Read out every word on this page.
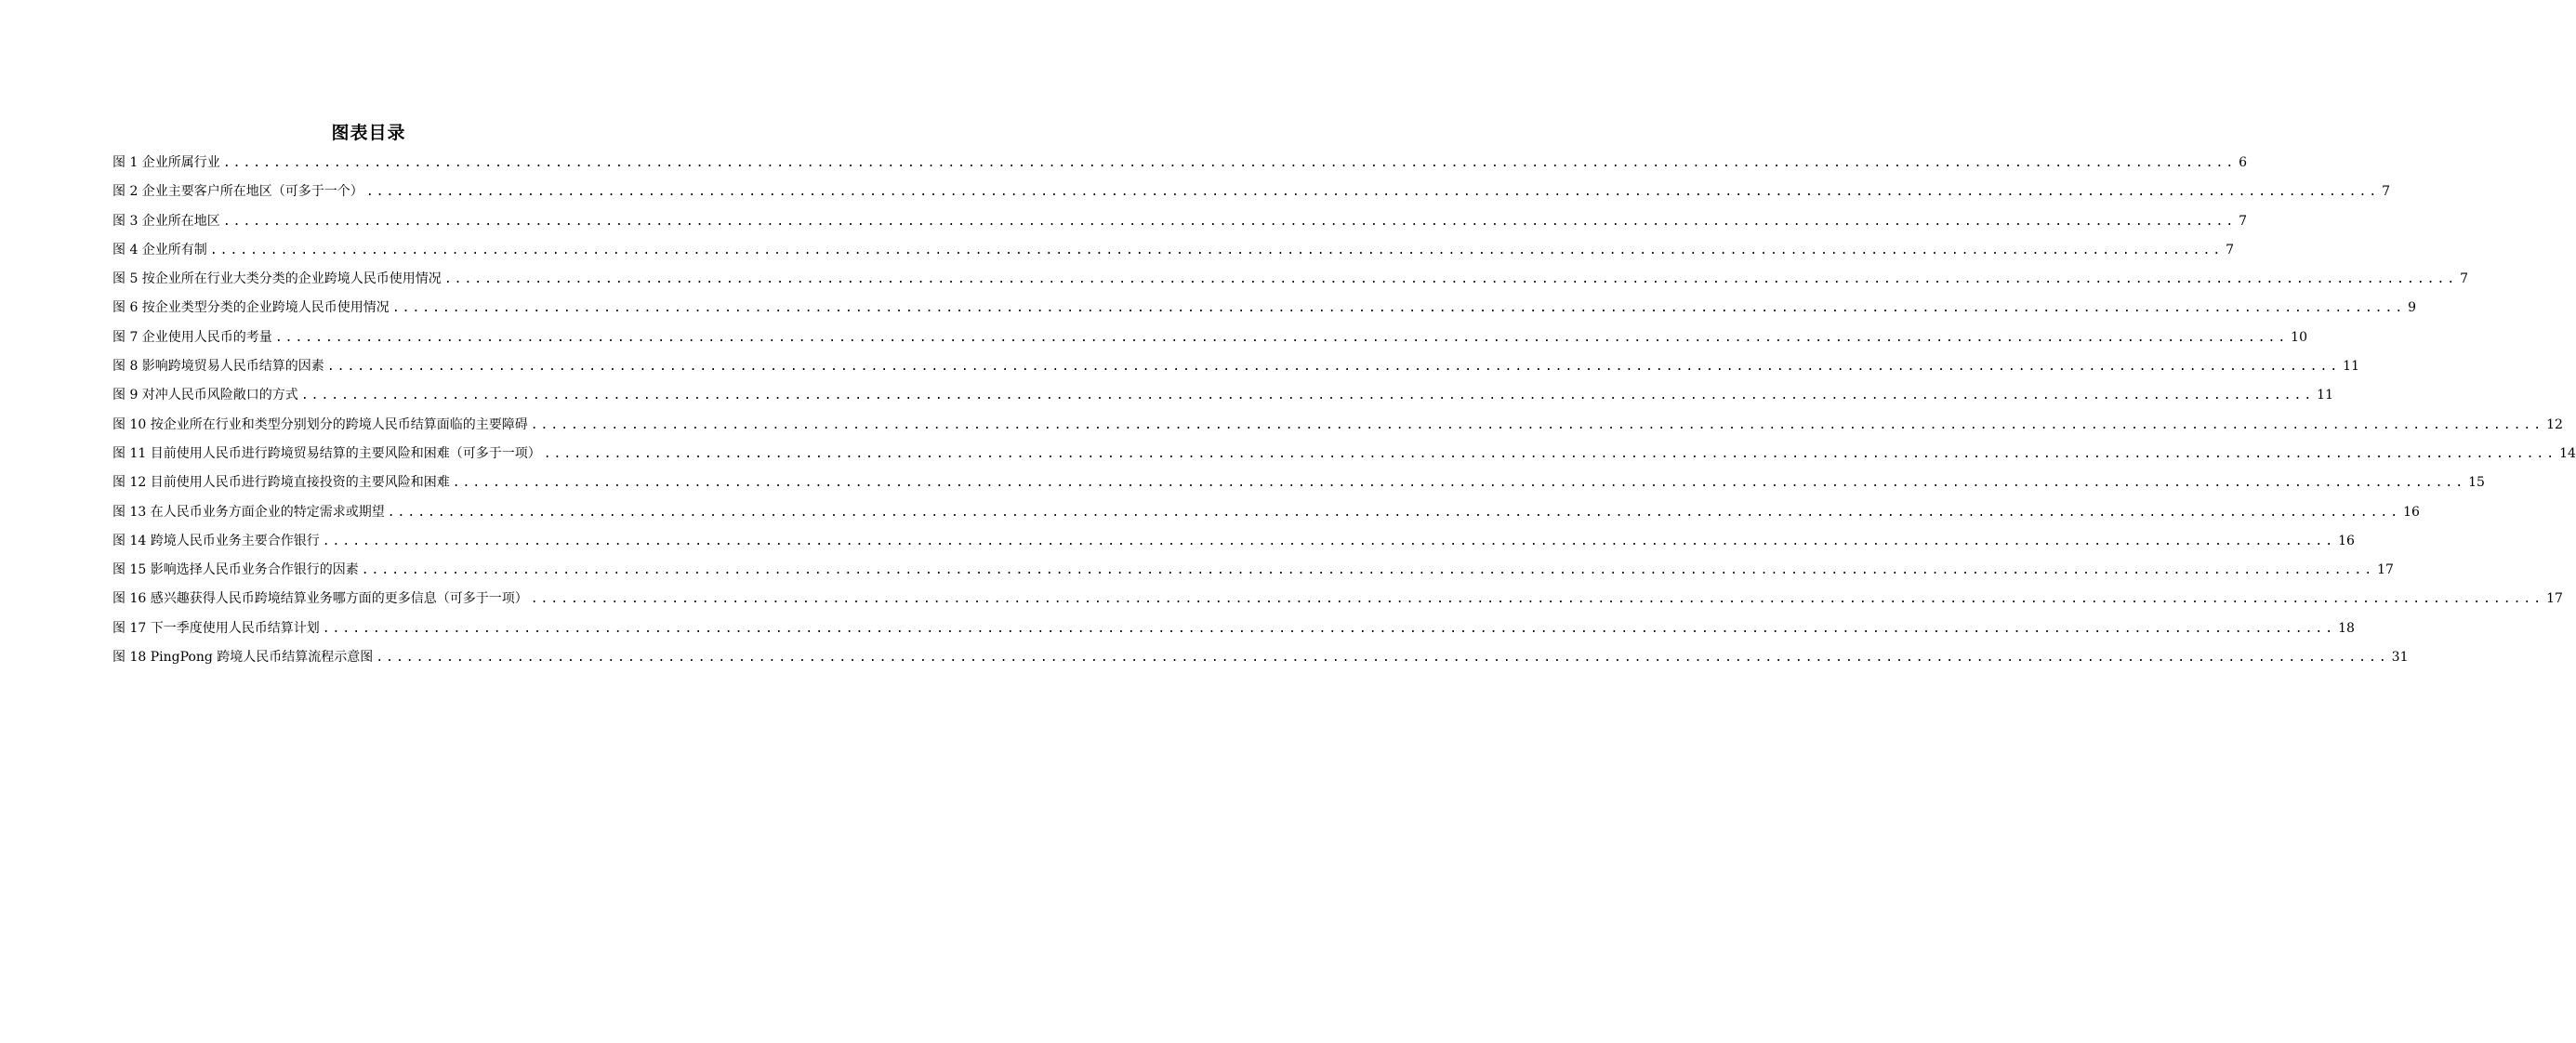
图表目录
图 1 企业所属行业 ........................................................................................................................................................................................................ 6
图 2 企业主要客户所在地区（可多于一个） ........................................................................................................................................................................................................ 7
图 3 企业所在地区 ........................................................................................................................................................................................................ 7
图 4 企业所有制 ........................................................................................................................................................................................................ 7
图 5 按企业所在行业大类分类的企业跨境人民币使用情况 ........................................................................................................................................................................................................ 7
图 6 按企业类型分类的企业跨境人民币使用情况 ........................................................................................................................................................................................................ 9
图 7 企业使用人民币的考量 ........................................................................................................................................................................................................ 10
图 8 影响跨境贸易人民币结算的因素 ........................................................................................................................................................................................................ 11
图 9 对冲人民币风险敞口的方式 ........................................................................................................................................................................................................ 11
图 10 按企业所在行业和类型分别划分的跨境人民币结算面临的主要障碍 ........................................................................................................................................................................................................ 12
图 11 目前使用人民币进行跨境贸易结算的主要风险和困难（可多于一项） ........................................................................................................................................................................................................ 14
图 12 目前使用人民币进行跨境直接投资的主要风险和困难 ........................................................................................................................................................................................................ 15
图 13 在人民币业务方面企业的特定需求或期望 ........................................................................................................................................................................................................ 16
图 14 跨境人民币业务主要合作银行 ........................................................................................................................................................................................................ 16
图 15 影响选择人民币业务合作银行的因素 ........................................................................................................................................................................................................ 17
图 16 感兴趣获得人民币跨境结算业务哪方面的更多信息（可多于一项） ........................................................................................................................................................................................................ 17
图 17 下一季度使用人民币结算计划 ........................................................................................................................................................................................................ 18
图 18 PingPong 跨境人民币结算流程示意图 ........................................................................................................................................................................................................ 31
